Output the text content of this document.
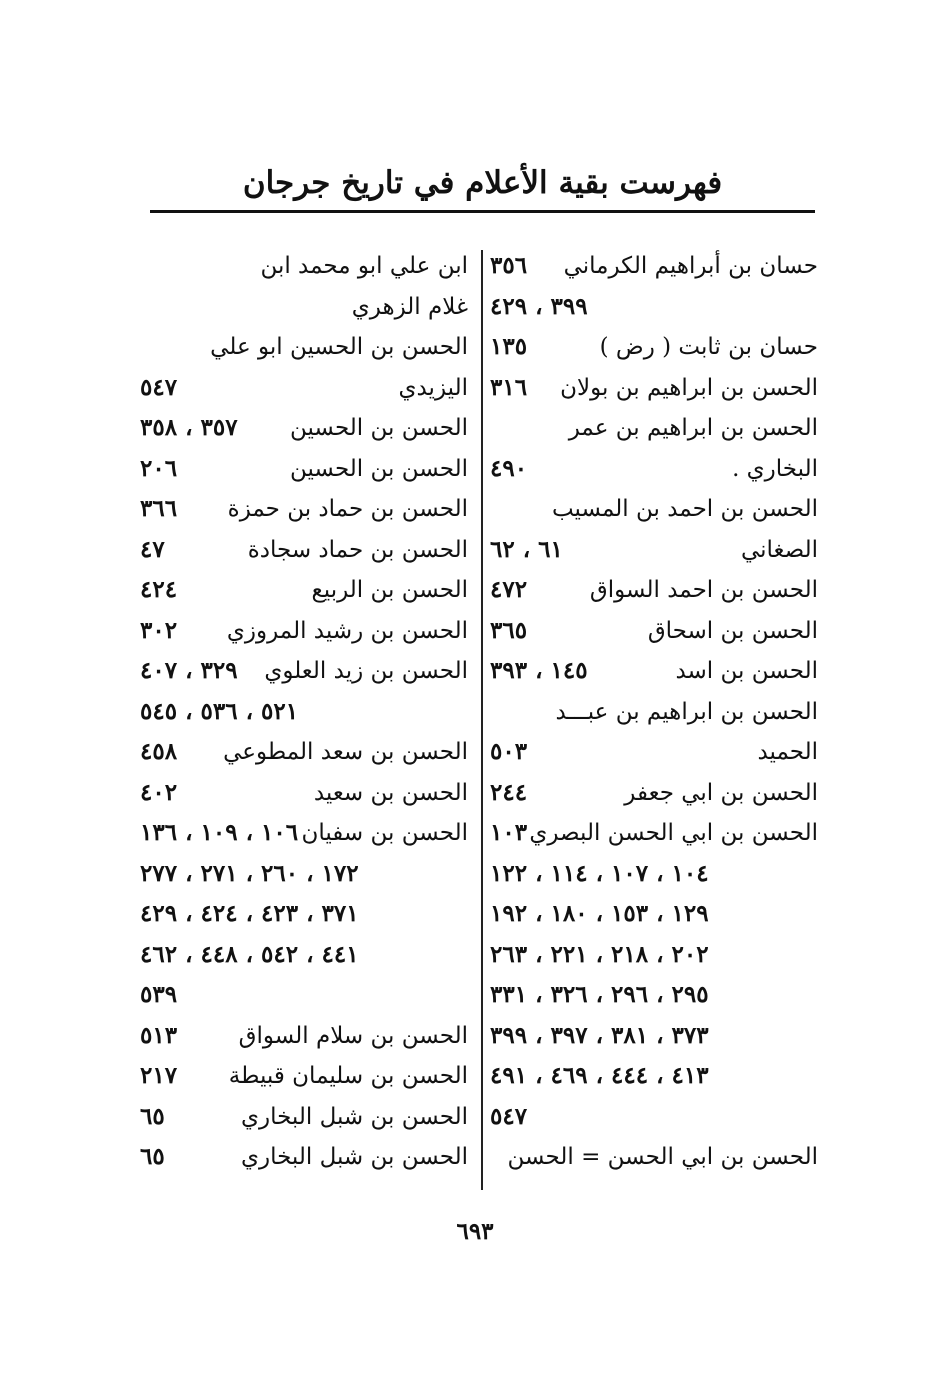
فهرست بقية الأعلام في تاريخ جرجان
حسان بن أبراهيم الكرماني
٣٥٦
٣٩٩ ، ٤٢٩
حسان بن ثابت ( رض )
١٣٥
الحسن بن ابراهيم بن بولان
٣١٦
الحسن بن ابراهيم بن عمر
البخاري .
٤٩٠
الحسن بن احمد بن المسيب
الصغاني
٦١ ، ٦٢
الحسن بن احمد السواق
٤٧٢
الحسن بن اسحاق
٣٦٥
الحسن بن اسد
١٤٥ ، ٣٩٣
الحسن بن ابراهيم بن عبـــد
الحميد
٥٠٣
الحسن بن ابي جعفر
٢٤٤
الحسن بن ابي الحسن البصري
١٠٣
١٠٤ ، ١٠٧ ، ١١٤ ، ١٢٢
١٢٩ ، ١٥٣ ، ١٨٠ ، ١٩٢
٢٠٢ ، ٢١٨ ، ٢٢١ ، ٢٦٣
٢٩٥ ، ٢٩٦ ، ٣٢٦ ، ٣٣١
٣٧٣ ، ٣٨١ ، ٣٩٧ ، ٣٩٩
٤١٣ ، ٤٤٤ ، ٤٦٩ ، ٤٩١
٥٤٧
الحسن بن ابي الحسن = الحسن
ابن علي ابو محمد ابن
غلام الزهري
الحسن بن الحسين ابو علي
اليزيدي
٥٤٧
الحسن بن الحسين
٣٥٧ ، ٣٥٨
الحسن بن الحسين
٢٠٦
الحسن بن حماد بن حمزة
٣٦٦
الحسن بن حماد سجادة
٤٧
الحسن بن الربيع
٤٢٤
الحسن بن رشيد المروزي
٣٠٢
الحسن بن زيد العلوي
٣٢٩ ، ٤٠٧
٥٢١ ، ٥٣٦ ، ٥٤٥
الحسن بن سعد المطوعي
٤٥٨
الحسن بن سعيد
٤٠٢
الحسن بن سفيان
١٠٦ ، ١٠٩ ، ١٣٦
١٧٢ ، ٢٦٠ ، ٢٧١ ، ٢٧٧
٣٧١ ، ٤٢٣ ، ٤٢٤ ، ٤٢٩
٤٤١ ، ٥٤٢ ، ٤٤٨ ، ٤٦٢
٥٣٩
الحسن بن سلام السواق
٥١٣
الحسن بن سليمان قبيطة
٢١٧
الحسن بن شبل البخاري
٦٥
الحسن بن شبل البخاري
٦٥
٦٩٣
